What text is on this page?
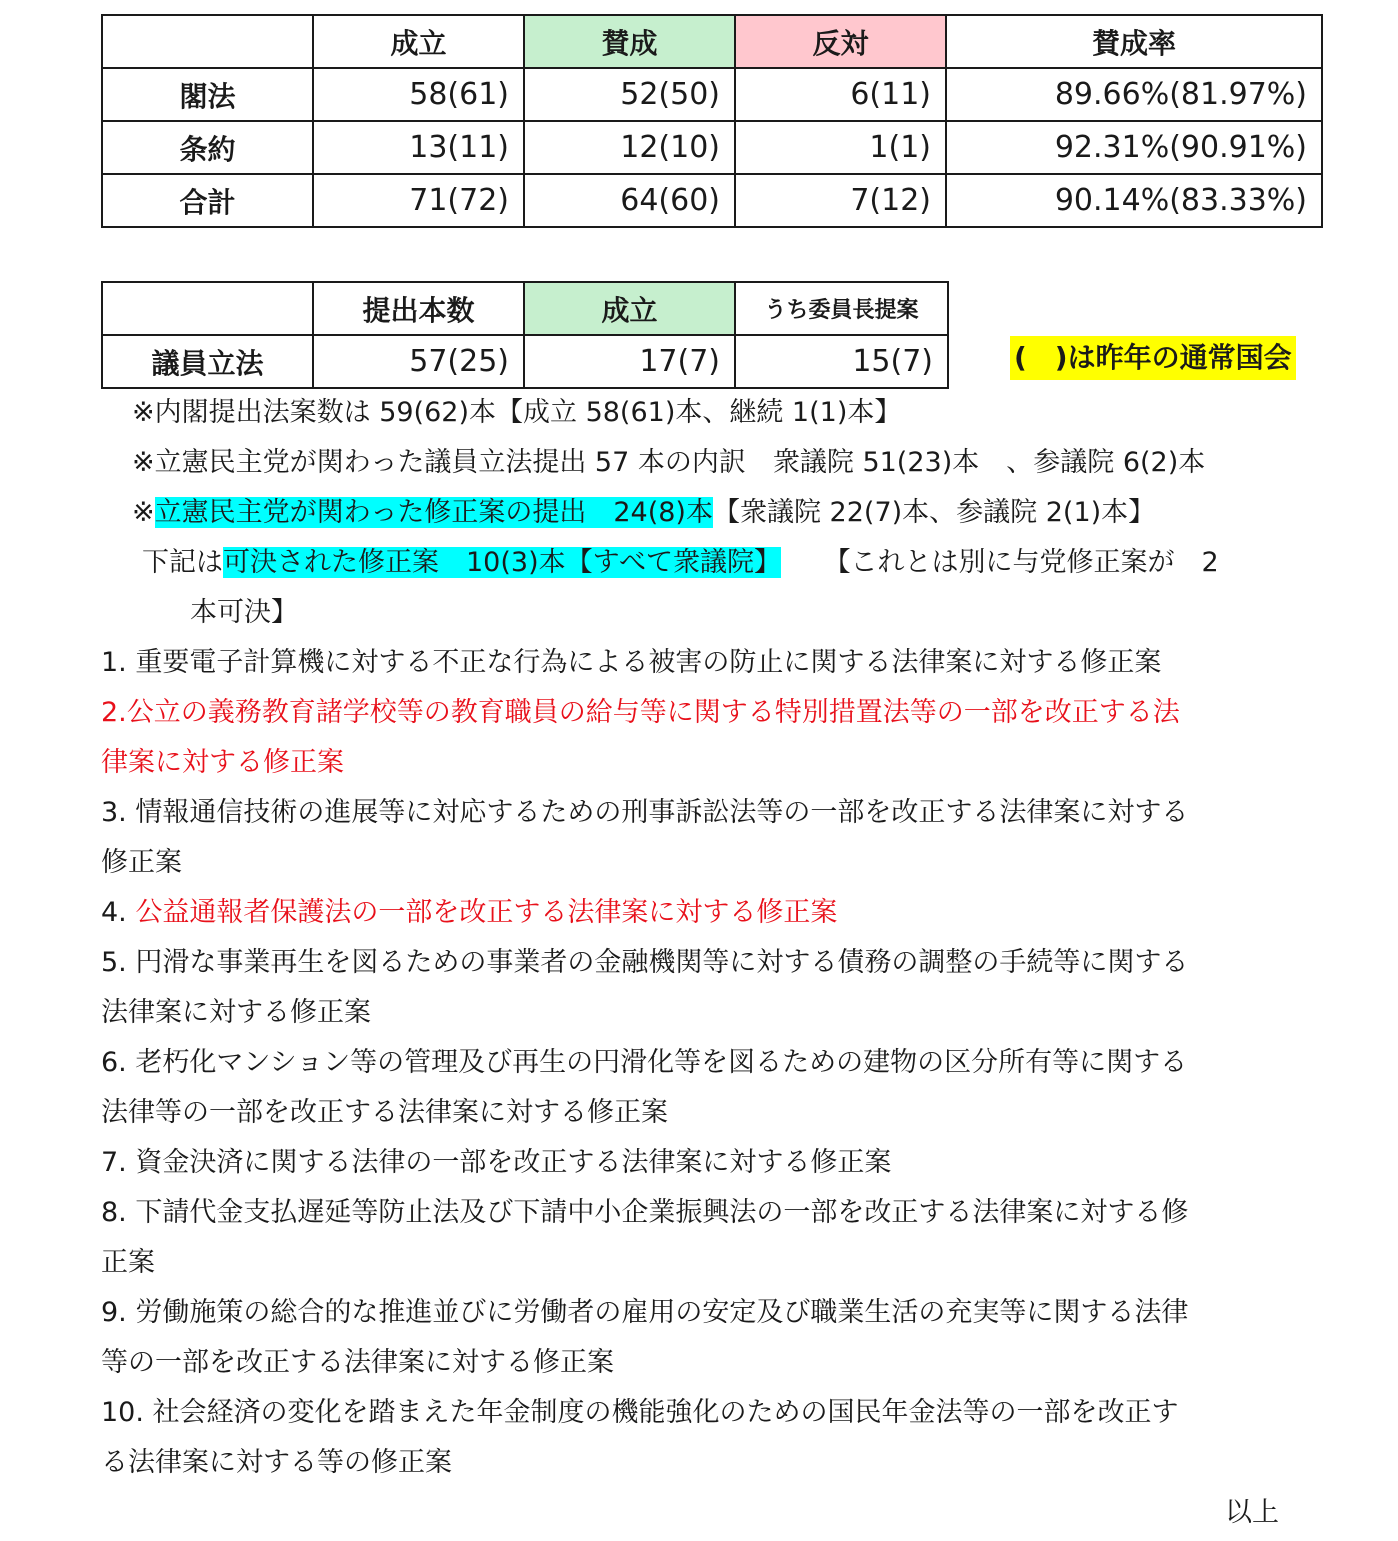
	成立	賛成	反対	賛成率
閣法	58(61)	52(50)	6(11)	89.66%(81.97%)
条約	13(11)	12(10)	1(1)	92.31%(90.91%)
合計	71(72)	64(60)	7(12)	90.14%(83.33%)
	提出本数	成立	うち委員長提案
議員立法	57(25)	17(7)	15(7)	(　)は昨年の通常国会
※内閣提出法案数は 59(62)本【成立 58(61)本、継続 1(1)本】
※立憲民主党が関わった議員立法提出 57 本の内訳　衆議院 51(23)本　、参議院 6(2)本
※立憲民主党が関わった修正案の提出　24(8)本【衆議院 22(7)本、参議院 2(1)本】
下記は可決された修正案　10(3)本【すべて衆議院】 【これとは別に与党修正案が　2
本可決】
1. 重要電子計算機に対する不正な行為による被害の防止に関する法律案に対する修正案
2.公立の義務教育諸学校等の教育職員の給与等に関する特別措置法等の一部を改正する法
律案に対する修正案
3. 情報通信技術の進展等に対応するための刑事訴訟法等の一部を改正する法律案に対する
修正案
4. 公益通報者保護法の一部を改正する法律案に対する修正案
5. 円滑な事業再生を図るための事業者の金融機関等に対する債務の調整の手続等に関する
法律案に対する修正案
6. 老朽化マンション等の管理及び再生の円滑化等を図るための建物の区分所有等に関する
法律等の一部を改正する法律案に対する修正案
7. 資金決済に関する法律の一部を改正する法律案に対する修正案
8. 下請代金支払遅延等防止法及び下請中小企業振興法の一部を改正する法律案に対する修
正案
9. 労働施策の総合的な推進並びに労働者の雇用の安定及び職業生活の充実等に関する法律
等の一部を改正する法律案に対する修正案
10. 社会経済の変化を踏まえた年金制度の機能強化のための国民年金法等の一部を改正す
る法律案に対する等の修正案
以上
